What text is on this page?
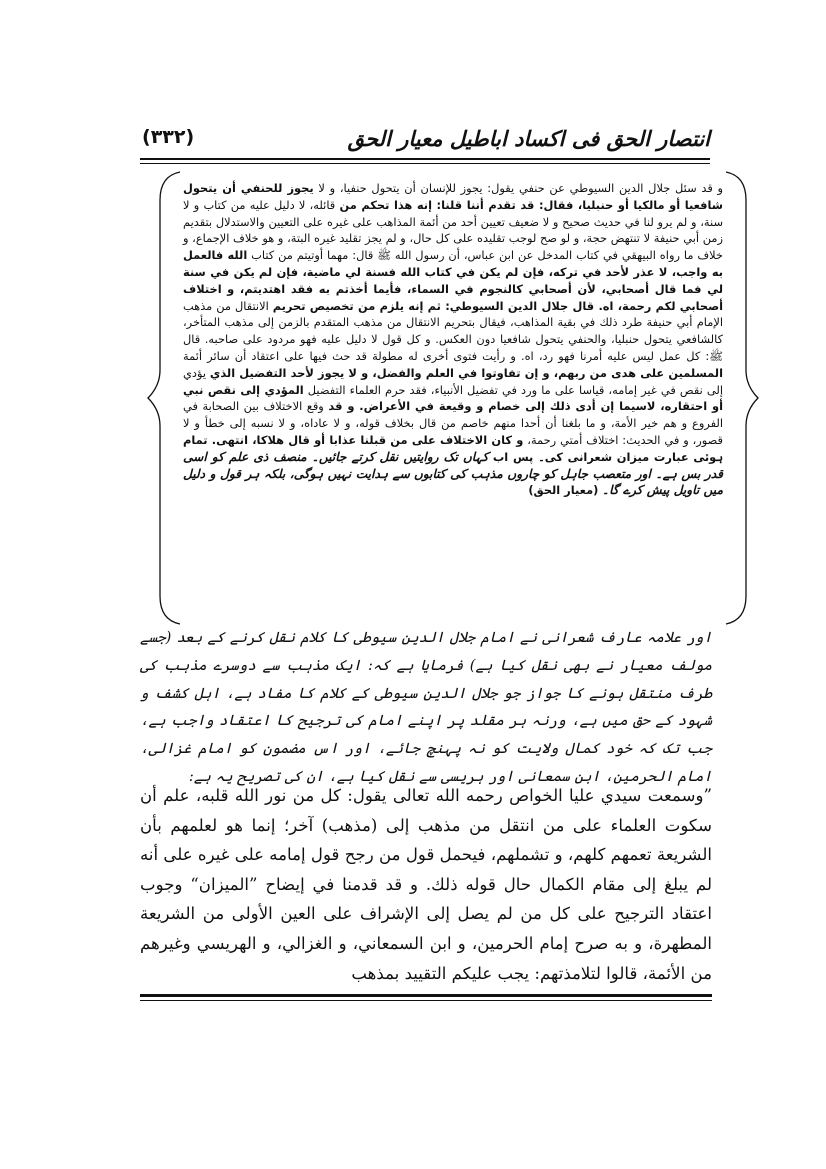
انتصار الحق فی اکساد اباطیل معیار الحق
(٣٣٢)

و قد سئل جلال الدين السيوطي عن حنفي يقول: يجوز للإنسان أن يتحول حنفيا، و لا يجوز للحنفي أن يتحول شافعيا أو مالكيا أو حنبليا، فقال: قد تقدم أننا قلنا: إنه هذا تحكم من قائله، لا دليل عليه من كتاب و لا سنة، و لم يرو لنا في حديث صحيح و لا ضعيف تعيين أحد من أئمة المذاهب على غيره على التعيين والاستدلال بتقديم زمن أبي حنيفة لا تنتهض حجة، و لو صح لوجب تقليده على كل حال، و لم يجز تقليد غيره البتة، و هو خلاف الإجماع، و خلاف ما رواه البيهقي في كتاب المدخل عن ابن عباس، أن رسول الله ﷺ قال: مهما أوتيتم من كتاب الله فالعمل به واجب، لا عذر لأحد في تركه، فإن لم يكن في كتاب الله فسنة لي ماضية، فإن لم يكن في سنة لي فما قال أصحابي، لأن أصحابي كالنجوم في السماء، فأيما أخذتم به فقد اهتديتم، و اختلاف أصحابي لكم رحمة، اه. قال جلال الدين السيوطي: ثم إنه يلزم من تخصيص تحريم الانتقال من مذهب الإمام أبي حنيفة طرد ذلك في بقية المذاهب، فيقال بتحريم الانتقال من مذهب المتقدم بالزمن إلى مذهب المتأخر، كالشافعي يتحول حنبليا، والحنفي يتحول شافعيا دون العكس. و كل قول لا دليل عليه فهو مردود على صاحبه. قال ﷺ: كل عمل ليس عليه أمرنا فهو رد، اه. و رأيت فتوى أخرى له مطولة قد حث فيها على اعتقاد أن سائر أئمة المسلمين على هدى من ربهم، و إن تفاوتوا في العلم والفضل، و لا يجوز لأحد التفضيل الذي يؤدي إلى نقص في غير إمامه، قياسا على ما ورد في تفضيل الأنبياء، فقد حرم العلماء التفضيل المؤدي إلى نقص نبي أو احتقاره، لاسيما إن أدى ذلك إلى خصام و وقيعة في الأعراض. و قد وقع الاختلاف بين الصحابة في الفروع و هم خير الأمة، و ما بلغنا أن أحدا منهم خاصم من قال بخلاف قوله، و لا عاداه، و لا نسبه إلى خطأ و لا قصور، و في الحديث: اختلاف أمتي رحمة، و كان الاختلاف على من قبلنا عذابا أو قال هلاكا، انتهى. تمام ہوئی عبارت میزان شعرانی کی۔ پس اب کہاں تک روایتیں نقل کرتے جائیں۔ منصف ذی علم کو اسی قدر بس ہے۔ اور متعصب جاہل کو چاروں مذہب کی کتابوں سے ہدایت نہیں ہوگی، بلکہ ہر قول و دلیل میں تاویل پیش کرے گا۔ (معیار الحق)

اور علامہ عارف شعرانی نے امام جلال الدین سیوطی کا کلام نقل کرنے کے بعد (جسے مولف معیار نے بھی نقل کیا ہے) فرمایا ہے کہ: ایک مذہب سے دوسرے مذہب کی طرف منتقل ہونے کا جواز جو جلال الدین سیوطی کے کلام کا مفاد ہے، اہل کشف و شہود کے حق میں ہے، ورنہ ہر مقلد پر اپنے امام کی ترجیح کا اعتقاد واجب ہے، جب تک کہ خود کمال ولایت کو نہ پہنچ جائے، اور اس مضمون کو امام غزالی، امام الحرمین، ابن سمعانی اور ہریسی سے نقل کیا ہے، ان کی تصریح یہ ہے:

”وسمعت سيدي عليا الخواص رحمه الله تعالى يقول: كل من نور الله قلبه، علم أن سكوت العلماء على من انتقل من مذهب إلى (مذهب) آخر؛ إنما هو لعلمهم بأن الشريعة تعمهم كلهم، و تشملهم، فيحمل قول من رجح قول إمامه على غيره على أنه لم يبلغ إلى مقام الكمال حال قوله ذلك. و قد قدمنا في إيضاح ”الميزان“ وجوب اعتقاد الترجيح على كل من لم يصل إلى الإشراف على العين الأولى من الشريعة المطهرة، و به صرح إمام الحرمين، و ابن السمعاني، و الغزالي، و الهريسي وغيرهم من الأئمة، قالوا لتلامذتهم: يجب عليكم التقييد بمذهب
